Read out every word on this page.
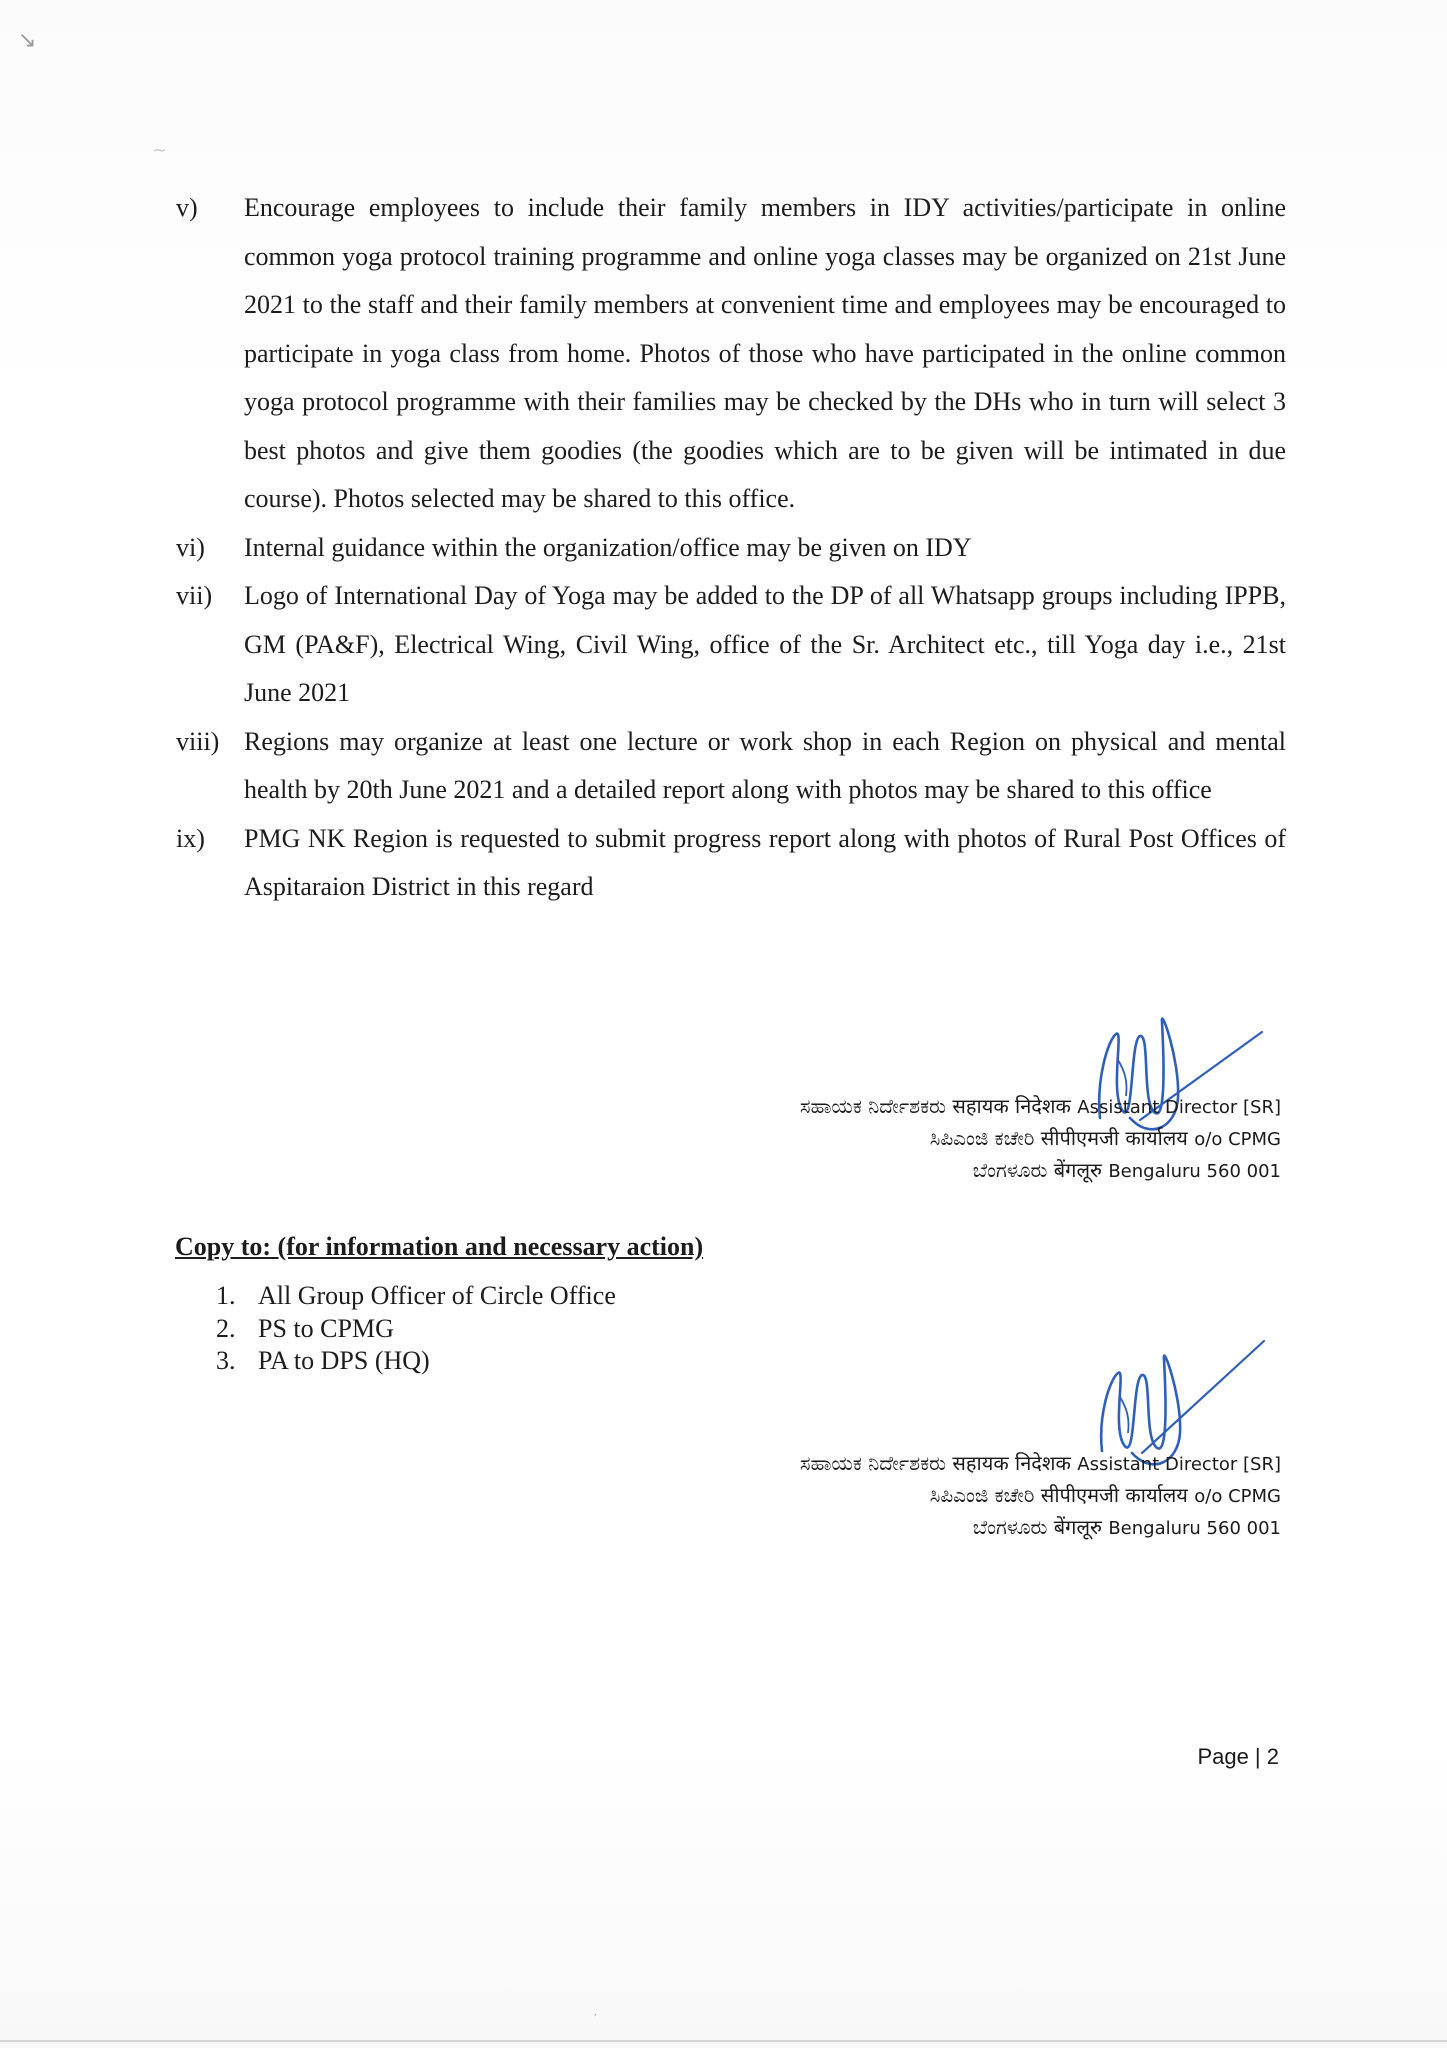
↘
~
′
v) Encourage employees to include their family members in IDY activities/participate in online common yoga protocol training programme and online yoga classes may be organized on 21st June 2021 to the staff and their family members at convenient time and employees may be encouraged to participate in yoga class from home. Photos of those who have participated in the online common yoga protocol programme with their families may be checked by the DHs who in turn will select 3 best photos and give them goodies (the goodies which are to be given will be intimated in due course). Photos selected may be shared to this office.
vi) Internal guidance within the organization/office may be given on IDY
vii) Logo of International Day of Yoga may be added to the DP of all Whatsapp groups including IPPB, GM (PA&F), Electrical Wing, Civil Wing, office of the Sr. Architect etc., till Yoga day i.e., 21st June 2021
viii) Regions may organize at least one lecture or work shop in each Region on physical and mental health by 20th June 2021 and a detailed report along with photos may be shared to this office
ix) PMG NK Region is requested to submit progress report along with photos of Rural Post Offices of Aspitaraion District in this regard
ಸಹಾಯಕ ನಿರ್ದೇಶಕರು सहायक निदेशक Assistant Director [SR]
ಸಿಪಿಎಂಜಿ ಕಚೇರಿ सीपीएमजी कार्यालय o/o CPMG
ಬೆಂಗಳೂರು बेंगलूरु Bengaluru 560 001
Copy to: (for information and necessary action)
1. All Group Officer of Circle Office
2. PS to CPMG
3. PA to DPS (HQ)
ಸಹಾಯಕ ನಿರ್ದೇಶಕರು सहायक निदेशक Assistant Director [SR]
ಸಿಪಿಎಂಜಿ ಕಚೇರಿ सीपीएमजी कार्यालय o/o CPMG
ಬೆಂಗಳೂರು बेंगलूरु Bengaluru 560 001
Page | 2
